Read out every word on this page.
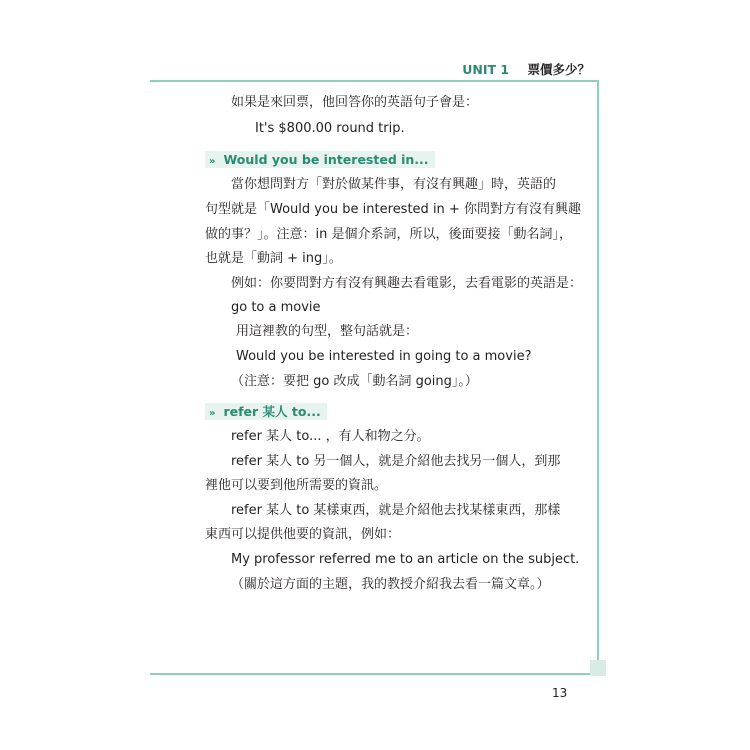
UNIT 1 票價多少？
如果是來回票，他回答你的英語句子會是：
It's $800.00 round trip.
» Would you be interested in...
當你想問對方「對於做某件事，有沒有興趣」時，英語的
句型就是「Would you be interested in + 你問對方有沒有興趣
做的事？」。注意：in 是個介系詞，所以，後面要接「動名詞」，
也就是「動詞 + ing」。
例如：你要問對方有沒有興趣去看電影，去看電影的英語是：
go to a movie
用這裡教的句型，整句話就是：
Would you be interested in going to a movie?
（注意：要把 go 改成「動名詞 going」。）
» refer 某人 to...
refer 某人 to... ，有人和物之分。
refer 某人 to 另一個人，就是介紹他去找另一個人，到那
裡他可以要到他所需要的資訊。
refer 某人 to 某樣東西，就是介紹他去找某樣東西，那樣
東西可以提供他要的資訊，例如：
My professor referred me to an article on the subject.
（關於這方面的主題，我的教授介紹我去看一篇文章。）
13
